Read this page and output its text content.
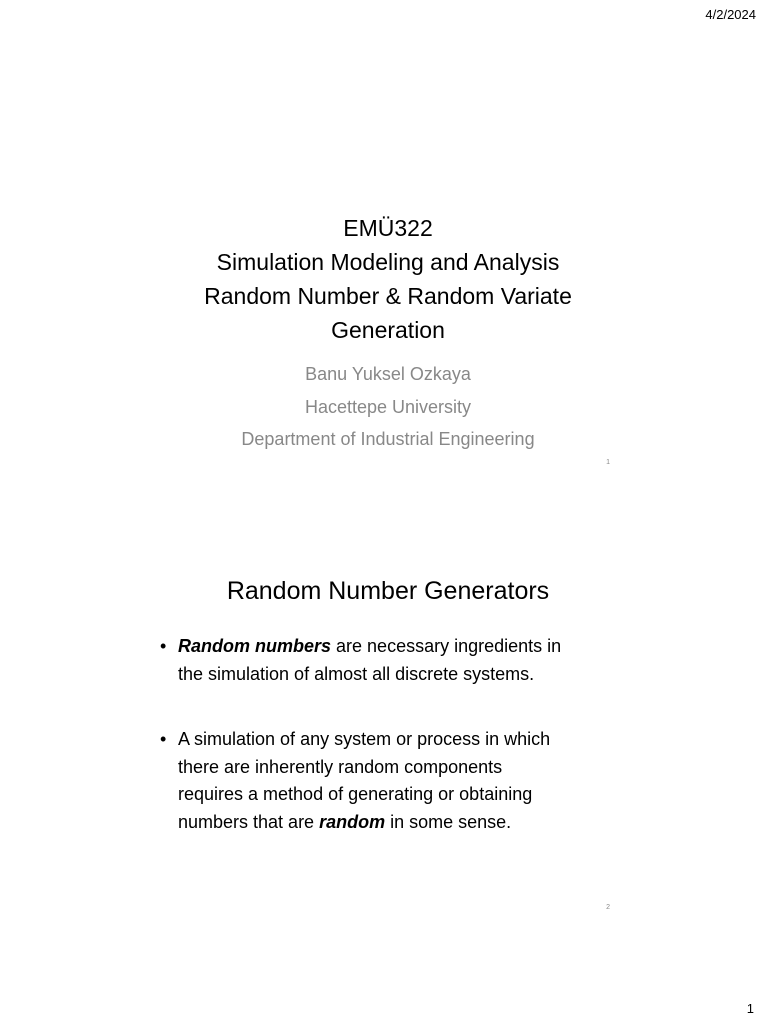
4/2/2024
EMÜ322
Simulation Modeling and Analysis
Random Number & Random Variate
Generation
Banu Yuksel Ozkaya
Hacettepe University
Department of Industrial Engineering
1
Random Number Generators
• Random numbers are necessary ingredients in
the simulation of almost all discrete systems.
• A simulation of any system or process in which
there are inherently random components
requires a method of generating or obtaining
numbers that are random in some sense.
2
1
